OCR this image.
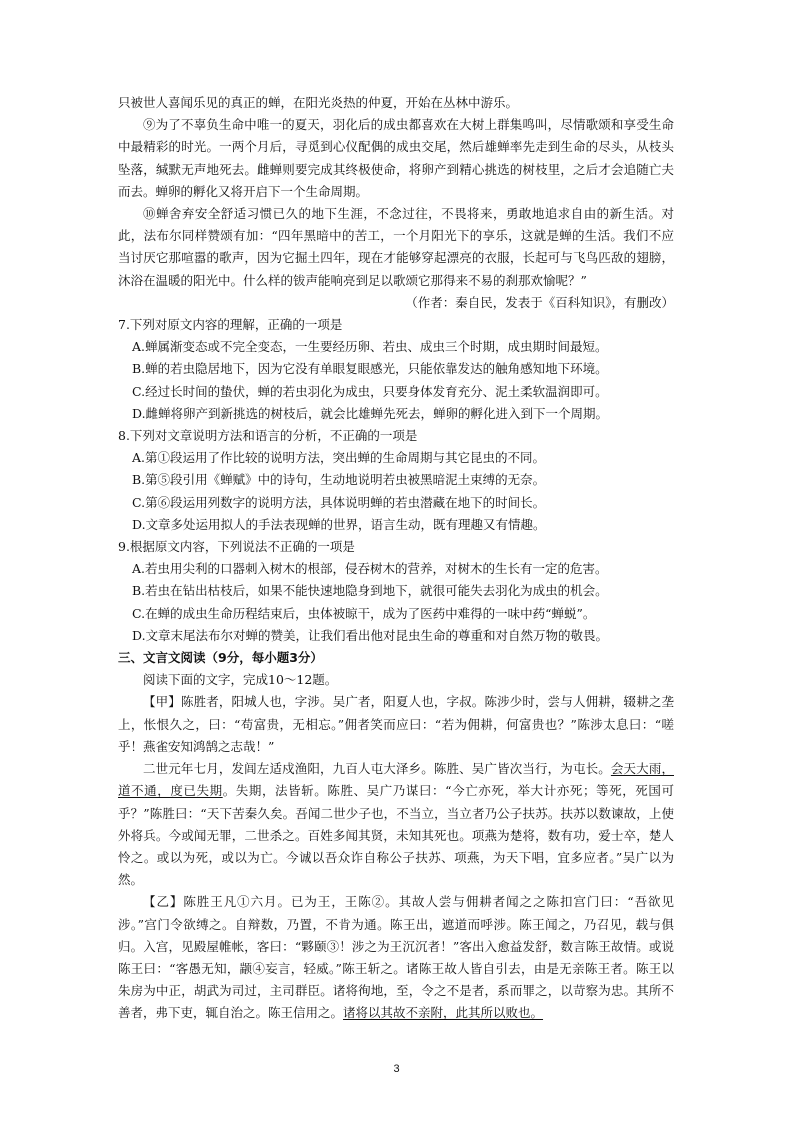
只被世人喜闻乐见的真正的蝉，在阳光炎热的仲夏，开始在丛林中游乐。

⑨为了不辜负生命中唯一的夏天，羽化后的成虫都喜欢在大树上群集鸣叫，尽情歌颂和享受生命中最精彩的时光。一两个月后，寻觅到心仪配偶的成虫交尾，然后雄蝉率先走到生命的尽头，从枝头坠落，缄默无声地死去。雌蝉则要完成其终极使命，将卵产到精心挑选的树枝里，之后才会追随亡夫而去。蝉卵的孵化又将开启下一个生命周期。

⑩蝉舍弃安全舒适习惯已久的地下生涯，不念过往，不畏将来，勇敢地追求自由的新生活。对此，法布尔同样赞颂有加：“四年黑暗中的苦工，一个月阳光下的享乐，这就是蝉的生活。我们不应当讨厌它那喧嚣的歌声，因为它掘土四年，现在才能够穿起漂亮的衣服，长起可与飞鸟匹敌的翅膀，沐浴在温暖的阳光中。什么样的钹声能响亮到足以歌颂它那得来不易的刹那欢愉呢？”

（作者：秦自民，发表于《百科知识》，有删改）

7.下列对原文内容的理解，正确的一项是

A.蝉属渐变态或不完全变态，一生要经历卵、若虫、成虫三个时期，成虫期时间最短。

B.蝉的若虫隐居地下，因为它没有单眼复眼感光，只能依靠发达的触角感知地下环境。

C.经过长时间的蛰伏，蝉的若虫羽化为成虫，只要身体发育充分、泥土柔软温润即可。

D.雌蝉将卵产到新挑选的树枝后，就会比雄蝉先死去，蝉卵的孵化进入到下一个周期。

8.下列对文章说明方法和语言的分析，不正确的一项是

A.第①段运用了作比较的说明方法，突出蝉的生命周期与其它昆虫的不同。

B.第⑤段引用《蝉赋》中的诗句，生动地说明若虫被黑暗泥土束缚的无奈。

C.第⑥段运用列数字的说明方法，具体说明蝉的若虫潜藏在地下的时间长。

D.文章多处运用拟人的手法表现蝉的世界，语言生动，既有理趣又有情趣。

9.根据原文内容，下列说法不正确的一项是

A.若虫用尖利的口器刺入树木的根部，侵吞树木的营养，对树木的生长有一定的危害。

B.若虫在钻出枯枝后，如果不能快速地隐身到地下，就很可能失去羽化为成虫的机会。

C.在蝉的成虫生命历程结束后，虫体被晾干，成为了医药中难得的一味中药“蝉蜕”。

D.文章末尾法布尔对蝉的赞美，让我们看出他对昆虫生命的尊重和对自然万物的敬畏。

三、文言文阅读（9分，每小题3分）

阅读下面的文字，完成10～12题。

【甲】陈胜者，阳城人也，字涉。吴广者，阳夏人也，字叔。陈涉少时，尝与人佣耕，辍耕之垄上，怅恨久之，曰：“苟富贵，无相忘。”佣者笑而应曰：“若为佣耕，何富贵也？”陈涉太息曰：“嗟乎！燕雀安知鸿鹄之志哉！”

二世元年七月，发闾左适戍渔阳，九百人屯大泽乡。陈胜、吴广皆次当行，为屯长。会天大雨，道不通，度已失期。失期，法皆斩。陈胜、吴广乃谋曰：“今亡亦死，举大计亦死；等死，死国可乎？”陈胜曰：“天下苦秦久矣。吾闻二世少子也，不当立，当立者乃公子扶苏。扶苏以数谏故，上使外将兵。今或闻无罪，二世杀之。百姓多闻其贤，未知其死也。项燕为楚将，数有功，爱士卒，楚人怜之。或以为死，或以为亡。今诚以吾众诈自称公子扶苏、项燕，为天下唱，宜多应者。”吴广以为然。

【乙】陈胜王凡①六月。已为王，王陈②。其故人尝与佣耕者闻之之陈扣宫门曰：“吾欲见涉。”宫门令欲缚之。自辩数，乃置，不肯为通。陈王出，遮道而呼涉。陈王闻之，乃召见，载与俱归。入宫，见殿屋帷帐，客曰：“夥颐③！涉之为王沉沉者！”客出入愈益发舒，数言陈王故情。或说陈王曰：“客愚无知，颛④妄言，轻威。”陈王斩之。诸陈王故人皆自引去，由是无亲陈王者。陈王以朱房为中正，胡武为司过，主司群臣。诸将徇地，至，令之不是者，系而罪之，以苛察为忠。其所不善者，弗下吏，辄自治之。陈王信用之。诸将以其故不亲附，此其所以败也。

3
